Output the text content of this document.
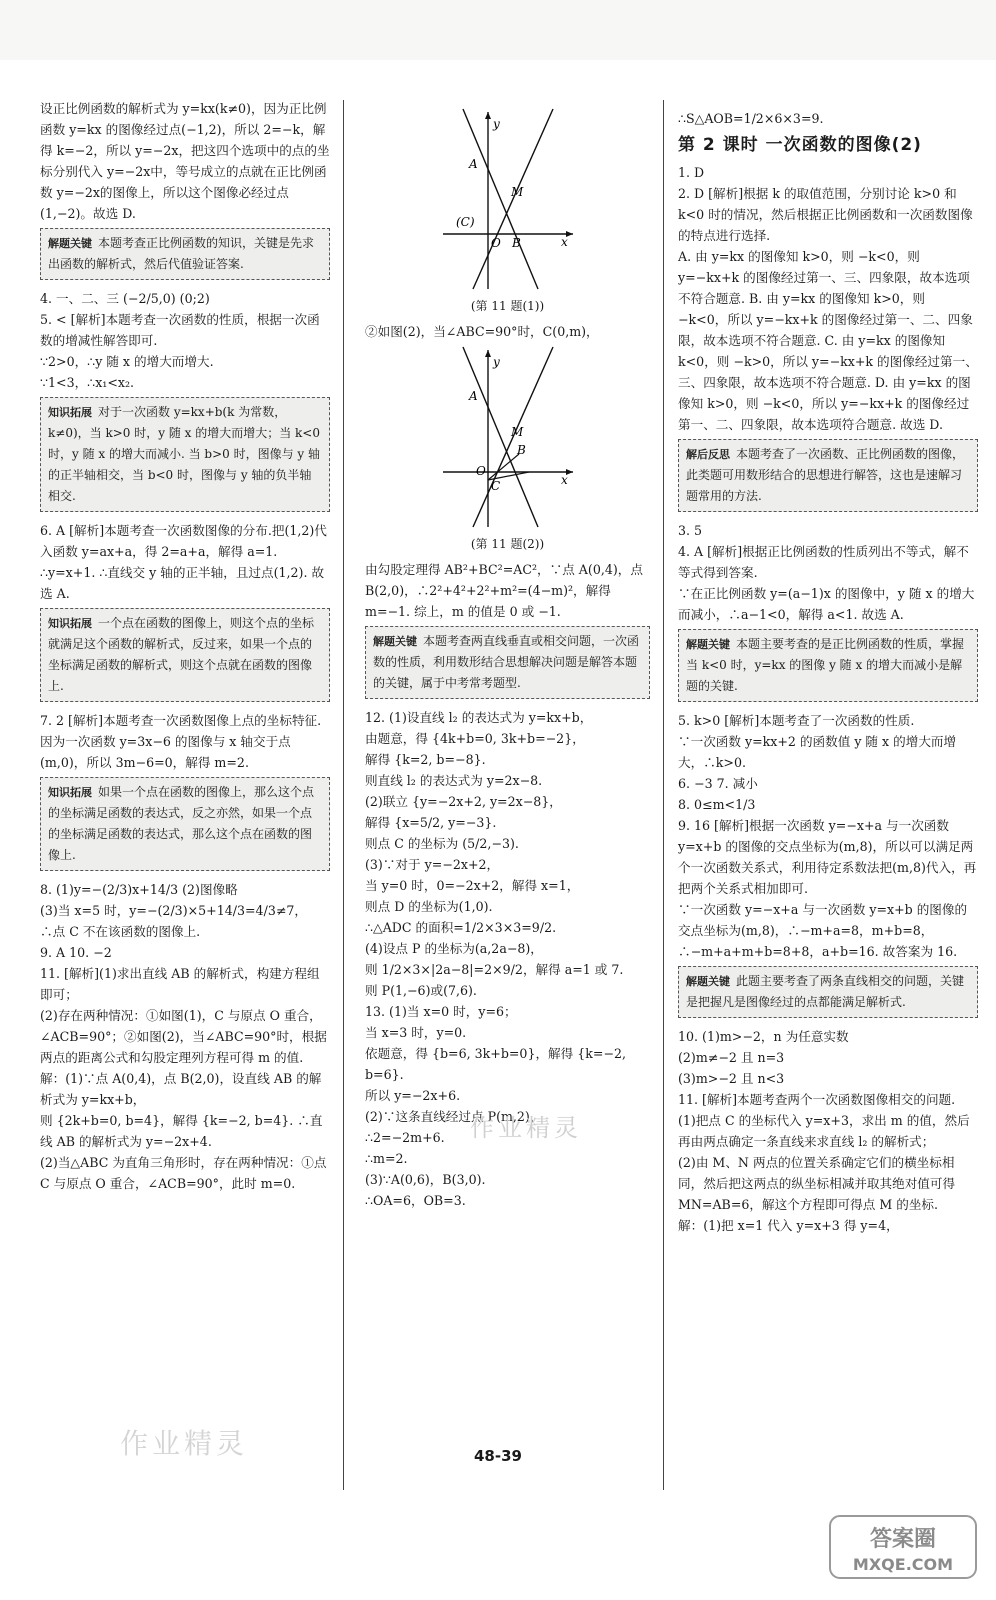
设正比例函数的解析式为 y=kx(k≠0)，因为正比例函数 y=kx 的图像经过点(−1,2)，所以 2=−k，解得 k=−2，所以 y=−2x，把这四个选项中的点的坐标分别代入 y=−2x中，等号成立的点就在正比例函数 y=−2x的图像上，所以这个图像必经过点(1,−2)。故选 D.

解题关键 本题考查正比例函数的知识，关键是先求出函数的解析式，然后代值验证答案.

4. 一、二、三 (−2/5,0) (0;2)

5. < [解析]本题考查一次函数的性质，根据一次函数的增减性解答即可.

∵2>0，∴y 随 x 的增大而增大.

∵1<3，∴x₁<x₂.

知识拓展 对于一次函数 y=kx+b(k 为常数，k≠0)，当 k>0 时，y 随 x 的增大而增大；当 k<0 时，y 随 x 的增大而减小. 当 b>0 时，图像与 y 轴的正半轴相交，当 b<0 时，图像与 y 轴的负半轴相交.

6. A [解析]本题考查一次函数图像的分布.把(1,2)代入函数 y=ax+a，得 2=a+a，解得 a=1. ∴y=x+1. ∴直线交 y 轴的正半轴，且过点(1,2). 故选 A.

知识拓展 一个点在函数的图像上，则这个点的坐标就满足这个函数的解析式，反过来，如果一个点的坐标满足函数的解析式，则这个点就在函数的图像上.

7. 2 [解析]本题考查一次函数图像上点的坐标特征. 因为一次函数 y=3x−6 的图像与 x 轴交于点(m,0)，所以 3m−6=0，解得 m=2.

知识拓展 如果一个点在函数的图像上，那么这个点的坐标满足函数的表达式，反之亦然，如果一个点的坐标满足函数的表达式，那么这个点在函数的图像上.

8. (1)y=−(2/3)x+14/3 (2)图像略

(3)当 x=5 时，y=−(2/3)×5+14/3=4/3≠7，

∴点 C 不在该函数的图像上.

9. A 10. −2

11. [解析](1)求出直线 AB 的解析式，构建方程组即可；

(2)存在两种情况：①如图(1)，C 与原点 O 重合，∠ACB=90°；②如图(2)，当∠ABC=90°时，根据两点的距离公式和勾股定理列方程可得 m 的值.

解：(1)∵点 A(0,4)，点 B(2,0)，设直线 AB 的解析式为 y=kx+b，

则 {2k+b=0, b=4}，解得 {k=−2, b=4}. ∴直线 AB 的解析式为 y=−2x+4.

(2)当△ABC 为直角三角形时，存在两种情况：①点 C 与原点 O 重合，∠ACB=90°，此时 m=0.

y
x
A
M
(C)
O B

(第 11 题(1))

②如图(2)，当∠ABC=90°时，C(0,m)，

y
x
A
M
B
O
C

(第 11 题(2))

由勾股定理得 AB²+BC²=AC²，∵点 A(0,4)，点 B(2,0)，∴2²+4²+2²+m²=(4−m)²，解得 m=−1. 综上，m 的值是 0 或 −1.

解题关键 本题考查两直线垂直或相交问题，一次函数的性质，利用数形结合思想解决问题是解答本题的关键，属于中考常考题型.

12. (1)设直线 l₂ 的表达式为 y=kx+b，

由题意，得 {4k+b=0, 3k+b=−2}，

解得 {k=2, b=−8}.

则直线 l₂ 的表达式为 y=2x−8.

(2)联立 {y=−2x+2, y=2x−8}，

解得 {x=5/2, y=−3}.

则点 C 的坐标为 (5/2,−3).

(3)∵对于 y=−2x+2，

当 y=0 时，0=−2x+2，解得 x=1，

则点 D 的坐标为(1,0).

∴△ADC 的面积=1/2×3×3=9/2.

(4)设点 P 的坐标为(a,2a−8)，

则 1/2×3×|2a−8|=2×9/2，解得 a=1 或 7.

则 P(1,−6)或(7,6).

13. (1)当 x=0 时，y=6；

当 x=3 时，y=0.

依题意，得 {b=6, 3k+b=0}，解得 {k=−2, b=6}.

所以 y=−2x+6.

(2)∵这条直线经过点 P(m,2)，

∴2=−2m+6.

∴m=2.

(3)∵A(0,6)，B(3,0).

∴OA=6，OB=3.

∴S△AOB=1/2×6×3=9.

第 2 课时 一次函数的图像(2)

1. D

2. D [解析]根据 k 的取值范围，分别讨论 k>0 和 k<0 时的情况，然后根据正比例函数和一次函数图像的特点进行选择.

A. 由 y=kx 的图像知 k>0，则 −k<0，则 y=−kx+k 的图像经过第一、三、四象限，故本选项不符合题意. B. 由 y=kx 的图像知 k>0，则 −k<0，所以 y=−kx+k 的图像经过第一、二、四象限，故本选项不符合题意. C. 由 y=kx 的图像知 k<0，则 −k>0，所以 y=−kx+k 的图像经过第一、三、四象限，故本选项不符合题意. D. 由 y=kx 的图像知 k>0，则 −k<0，所以 y=−kx+k 的图像经过第一、二、四象限，故本选项符合题意. 故选 D.

解后反思 本题考查了一次函数、正比例函数的图像，此类题可用数形结合的思想进行解答，这也是速解习题常用的方法.

3. 5

4. A [解析]根据正比例函数的性质列出不等式，解不等式得到答案.

∵在正比例函数 y=(a−1)x 的图像中，y 随 x 的增大而减小，∴a−1<0，解得 a<1. 故选 A.

解题关键 本题主要考查的是正比例函数的性质，掌握当 k<0 时，y=kx 的图像 y 随 x 的增大而减小是解题的关键.

5. k>0 [解析]本题考查了一次函数的性质.

∵一次函数 y=kx+2 的函数值 y 随 x 的增大而增大，∴k>0.

6. −3 7. 减小

8. 0≤m<1/3

9. 16 [解析]根据一次函数 y=−x+a 与一次函数 y=x+b 的图像的交点坐标为(m,8)，所以可以满足两个一次函数关系式，利用待定系数法把(m,8)代入，再把两个关系式相加即可.

∵一次函数 y=−x+a 与一次函数 y=x+b 的图像的交点坐标为(m,8)，∴−m+a=8，m+b=8，∴−m+a+m+b=8+8，a+b=16. 故答案为 16.

解题关键 此题主要考查了两条直线相交的问题，关键是把握凡是图像经过的点都能满足解析式.

10. (1)m>−2，n 为任意实数

(2)m≠−2 且 n=3

(3)m>−2 且 n<3

11. [解析]本题考查两个一次函数图像相交的问题.

(1)把点 C 的坐标代入 y=x+3，求出 m 的值，然后再由两点确定一条直线来求直线 l₂ 的解析式；

(2)由 M、N 两点的位置关系确定它们的横坐标相同，然后把这两点的纵坐标相减并取其绝对值可得 MN=AB=6，解这个方程即可得点 M 的坐标.

解：(1)把 x=1 代入 y=x+3 得 y=4，

作业精灵
作业精灵	48-39
答案圈
MXQE.COM
